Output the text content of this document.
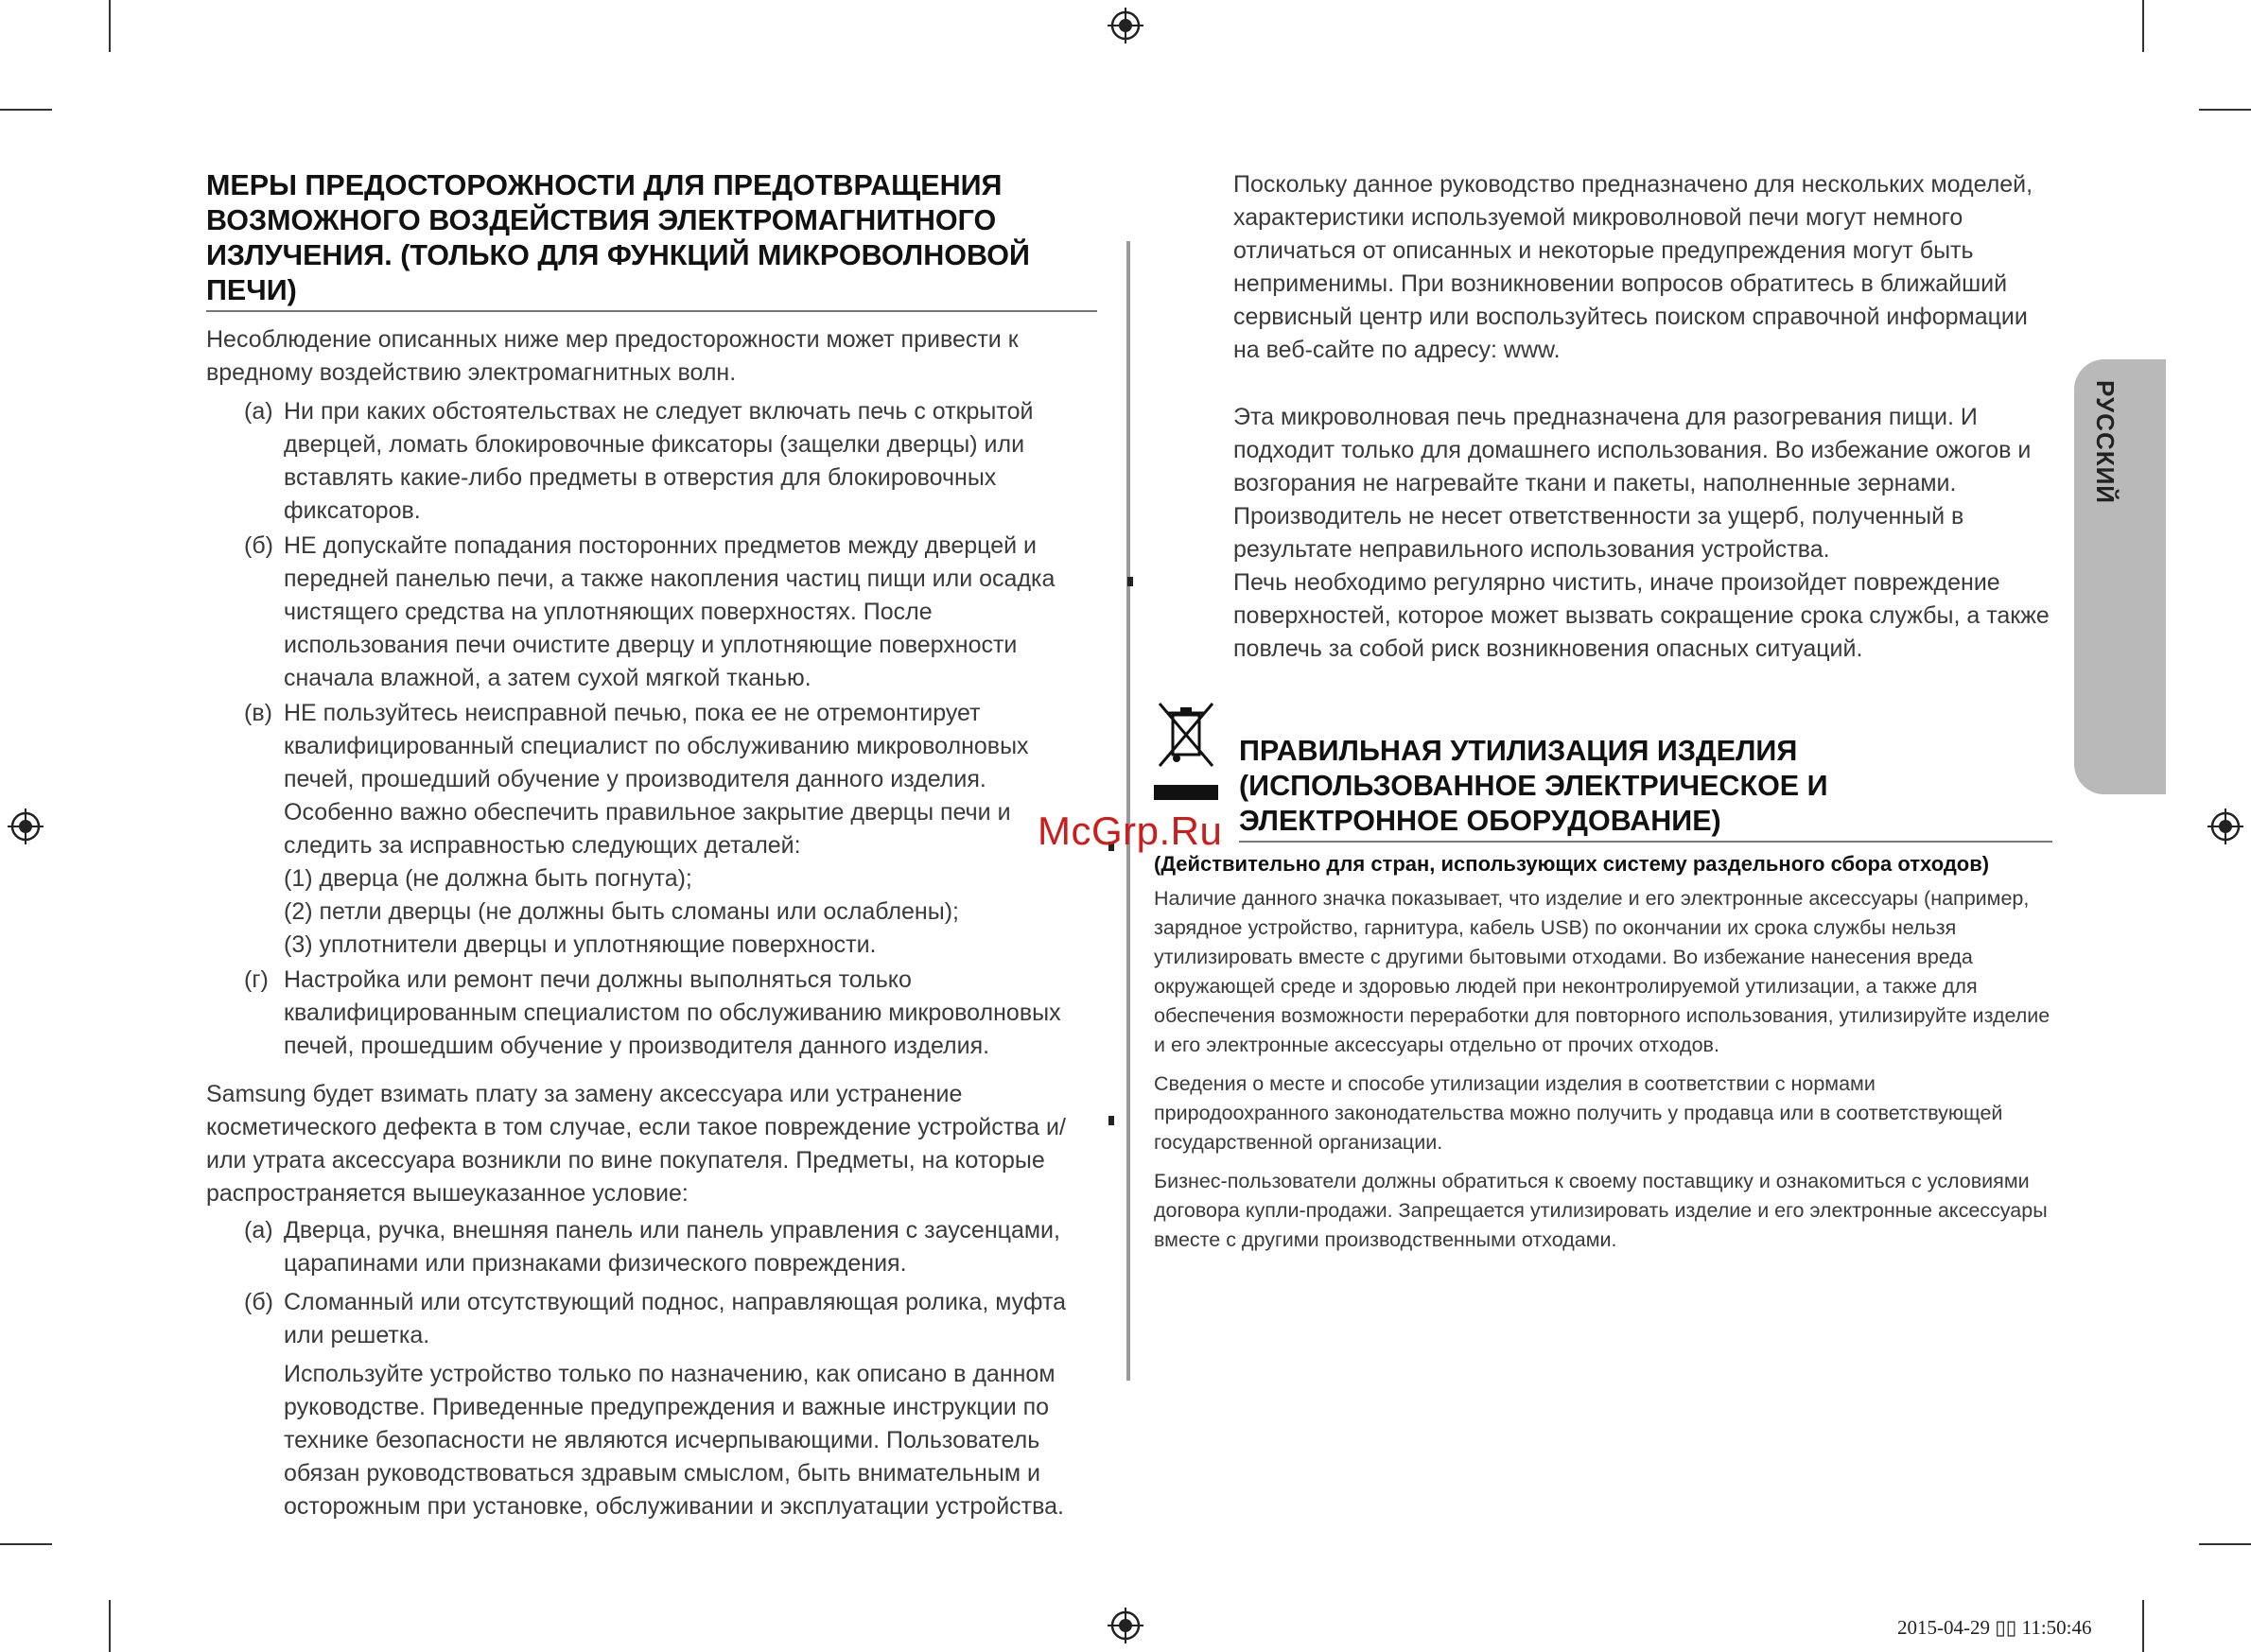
МЕРЫ ПРЕДОСТОРОЖНОСТИ ДЛЯ ПРЕДОТВРАЩЕНИЯ ВОЗМОЖНОГО ВОЗДЕЙСТВИЯ ЭЛЕКТРОМАГНИТНОГО ИЗЛУЧЕНИЯ. (ТОЛЬКО ДЛЯ ФУНКЦИЙ МИКРОВОЛНОВОЙ ПЕЧИ)

Несоблюдение описанных ниже мер предосторожности может привести к вредному воздействию электромагнитных волн.

(а) Ни при каких обстоятельствах не следует включать печь с открытой дверцей, ломать блокировочные фиксаторы (защелки дверцы) или вставлять какие-либо предметы в отверстия для блокировочных фиксаторов.

(б) НЕ допускайте попадания посторонних предметов между дверцей и передней панелью печи, а также накопления частиц пищи или осадка чистящего средства на уплотняющих поверхностях. После использования печи очистите дверцу и уплотняющие поверхности сначала влажной, а затем сухой мягкой тканью.

(в) НЕ пользуйтесь неисправной печью, пока ее не отремонтирует квалифицированный специалист по обслуживанию микроволновых печей, прошедший обучение у производителя данного изделия. Особенно важно обеспечить правильное закрытие дверцы печи и следить за исправностью следующих деталей:

(1) дверца (не должна быть погнута);

(2) петли дверцы (не должны быть сломаны или ослаблены);

(3) уплотнители дверцы и уплотняющие поверхности.

(г) Настройка или ремонт печи должны выполняться только квалифицированным специалистом по обслуживанию микроволновых печей, прошедшим обучение у производителя данного изделия.

Samsung будет взимать плату за замену аксессуара или устранение косметического дефекта в том случае, если такое повреждение устройства и/или утрата аксессуара возникли по вине покупателя. Предметы, на которые распространяется вышеуказанное условие:

(а) Дверца, ручка, внешняя панель или панель управления с заусенцами, царапинами или признаками физического повреждения.

(б) Сломанный или отсутствующий поднос, направляющая ролика, муфта или решетка.

Используйте устройство только по назначению, как описано в данном руководстве. Приведенные предупреждения и важные инструкции по технике безопасности не являются исчерпывающими. Пользователь обязан руководствоваться здравым смыслом, быть внимательным и осторожным при установке, обслуживании и эксплуатации устройства.

Поскольку данное руководство предназначено для нескольких моделей, характеристики используемой микроволновой печи могут немного отличаться от описанных и некоторые предупреждения могут быть неприменимы. При возникновении вопросов обратитесь в ближайший сервисный центр или воспользуйтесь поиском справочной информации на веб-сайте по адресу: www.

Эта микроволновая печь предназначена для разогревания пищи. И подходит только для домашнего использования. Во избежание ожогов и возгорания не нагревайте ткани и пакеты, наполненные зернами. Производитель не несет ответственности за ущерб, полученный в результате неправильного использования устройства.

Печь необходимо регулярно чистить, иначе произойдет повреждение поверхностей, которое может вызвать сокращение срока службы, а также повлечь за собой риск возникновения опасных ситуаций.

ПРАВИЛЬНАЯ УТИЛИЗАЦИЯ ИЗДЕЛИЯ (ИСПОЛЬЗОВАННОЕ ЭЛЕКТРИЧЕСКОЕ И ЭЛЕКТРОННОЕ ОБОРУДОВАНИЕ)

(Действительно для стран, использующих систему раздельного сбора отходов)

Наличие данного значка показывает, что изделие и его электронные аксессуары (например, зарядное устройство, гарнитура, кабель USB) по окончании их срока службы нельзя утилизировать вместе с другими бытовыми отходами. Во избежание нанесения вреда окружающей среде и здоровью людей при неконтролируемой утилизации, а также для обеспечения возможности переработки для повторного использования, утилизируйте изделие и его электронные аксессуары отдельно от прочих отходов.

Сведения о месте и способе утилизации изделия в соответствии с нормами природоохранного законодательства можно получить у продавца или в соответствующей государственной организации.

Бизнес-пользователи должны обратиться к своему поставщику и ознакомиться с условиями договора купли-продажи. Запрещается утилизировать изделие и его электронные аксессуары вместе с другими производственными отходами.

РУССКИЙ
McGrp.Ru
2015-04-29 ▯▯ 11:50:46
